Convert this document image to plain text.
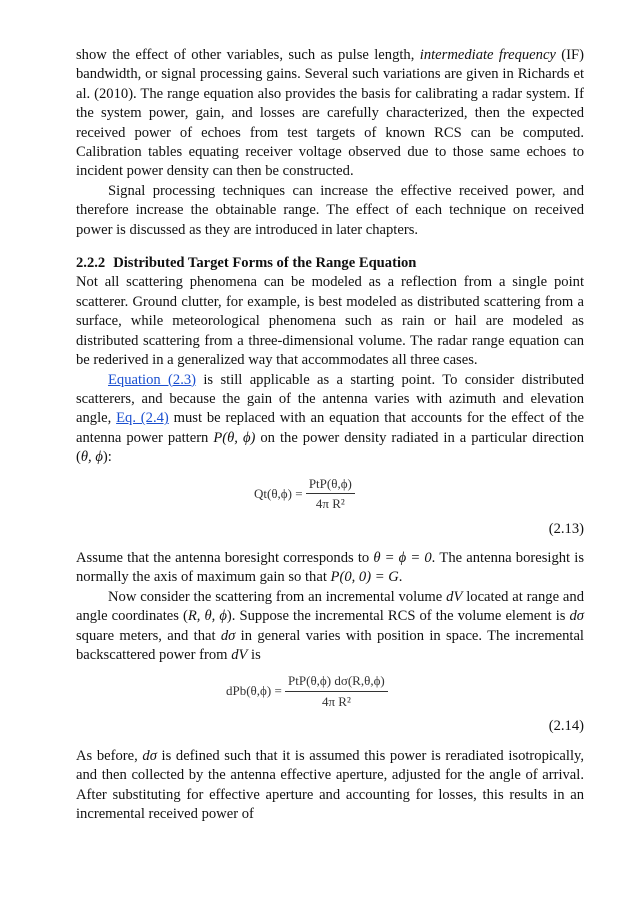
show the effect of other variables, such as pulse length, intermediate frequency (IF) bandwidth, or signal processing gains. Several such variations are given in Richards et al. (2010). The range equation also provides the basis for calibrating a radar system. If the system power, gain, and losses are carefully characterized, then the expected received power of echoes from test targets of known RCS can be computed. Calibration tables equating receiver voltage observed due to those same echoes to incident power density can then be constructed.

Signal processing techniques can increase the effective received power, and therefore increase the obtainable range. The effect of each technique on received power is discussed as they are introduced in later chapters.

2.2.2 Distributed Target Forms of the Range Equation

Not all scattering phenomena can be modeled as a reflection from a single point scatterer. Ground clutter, for example, is best modeled as distributed scattering from a surface, while meteorological phenomena such as rain or hail are modeled as distributed scattering from a three-dimensional volume. The radar range equation can be rederived in a generalized way that accommodates all three cases.

Equation (2.3) is still applicable as a starting point. To consider distributed scatterers, and because the gain of the antenna varies with azimuth and elevation angle, Eq. (2.4) must be replaced with an equation that accounts for the effect of the antenna power pattern P(θ, ϕ) on the power density radiated in a particular direction (θ, ϕ):

$Qt(\theta,\phi) = \frac{\text{PtP(θ,ϕ)}}{\text{4π R²}}$

(2.13)

Assume that the antenna boresight corresponds to θ = ϕ = 0. The antenna boresight is normally the axis of maximum gain so that P(0, 0) = G.

Now consider the scattering from an incremental volume dV located at range and angle coordinates (R, θ, ϕ). Suppose the incremental RCS of the volume element is dσ square meters, and that dσ in general varies with position in space. The incremental backscattered power from dV is

$dPb(\theta,\phi) = \frac{\text{PtP(θ,ϕ) dσ(R,θ,ϕ)}}{\text{4π R²}}$

(2.14)

As before, dσ is defined such that it is assumed this power is reradiated isotropically, and then collected by the antenna effective aperture, adjusted for the angle of arrival. After substituting for effective aperture and accounting for losses, this results in an incremental received power of
